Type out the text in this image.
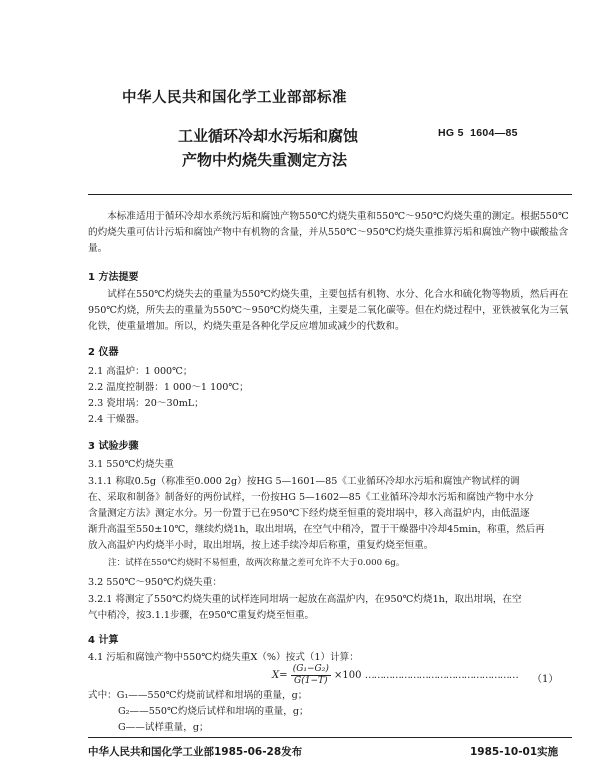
中华人民共和国化学工业部部标准
工业循环冷却水污垢和腐蚀
产物中灼烧失重测定方法
HG 5  1604—85
本标准适用于循环冷却水系统污垢和腐蚀产物550℃灼烧失重和550℃～950℃灼烧失重的测定。根据550℃的灼烧失重可估计污垢和腐蚀产物中有机物的含量，并从550℃～950℃灼烧失重推算污垢和腐蚀产物中碳酸盐含量。
1 方法提要
试样在550℃灼烧失去的重量为550℃灼烧失重，主要包括有机物、水分、化合水和硫化物等物质，然后再在950℃灼烧，所失去的重量为550℃～950℃灼烧失重，主要是二氧化碳等。但在灼烧过程中，亚铁被氧化为三氧化铁，使重量增加。所以，灼烧失重是各种化学反应增加或减少的代数和。
2 仪器
2.1 高温炉：1 000℃；
2.2 温度控制器：1 000～1 100℃；
2.3 瓷坩埚：20～30mL；
2.4 干燥器。
3 试验步骤
3.1 550℃灼烧失重
3.1.1 称取0.5g（称准至0.000 2g）按HG 5—1601—85《工业循环冷却水污垢和腐蚀产物试样的调
在、采取和制备》制备好的两份试样，一份按HG 5—1602—85《工业循环冷却水污垢和腐蚀产物中水分
含量测定方法》测定水分。另一份置于已在950℃下经灼烧至恒重的瓷坩埚中，移入高温炉内，由低温逐
渐升高温至550±10℃，继续灼烧1h，取出坩埚，在空气中稍冷，置于干燥器中冷却45min，称重，然后再
放入高温炉内灼烧半小时，取出坩埚，按上述手续冷却后称重，重复灼烧至恒重。
注：试样在550℃灼烧时不易恒重，故两次称量之差可允许不大于0.000 6g。
3.2 550℃～950℃灼烧失重：
3.2.1 将测定了550℃灼烧失重的试样连同坩埚一起放在高温炉内，在950℃灼烧1h，取出坩埚，在空
气中稍冷，按3.1.1步骤，在950℃重复灼烧至恒重。
4 计算
4.1 污垢和腐蚀产物中550℃灼烧失重X（%）按式（1）计算：
$X= \frac{\text{(G₁−G₂)}}{G(1-T)} \times 100$ …………………………………………… （1）
式中：G₁——550℃灼烧前试样和坩埚的重量，g；
G₂——550℃灼烧后试样和坩埚的重量，g；
G——试样重量，g；
中华人民共和国化学工业部1985-06-28发布	1985-10-01实施
